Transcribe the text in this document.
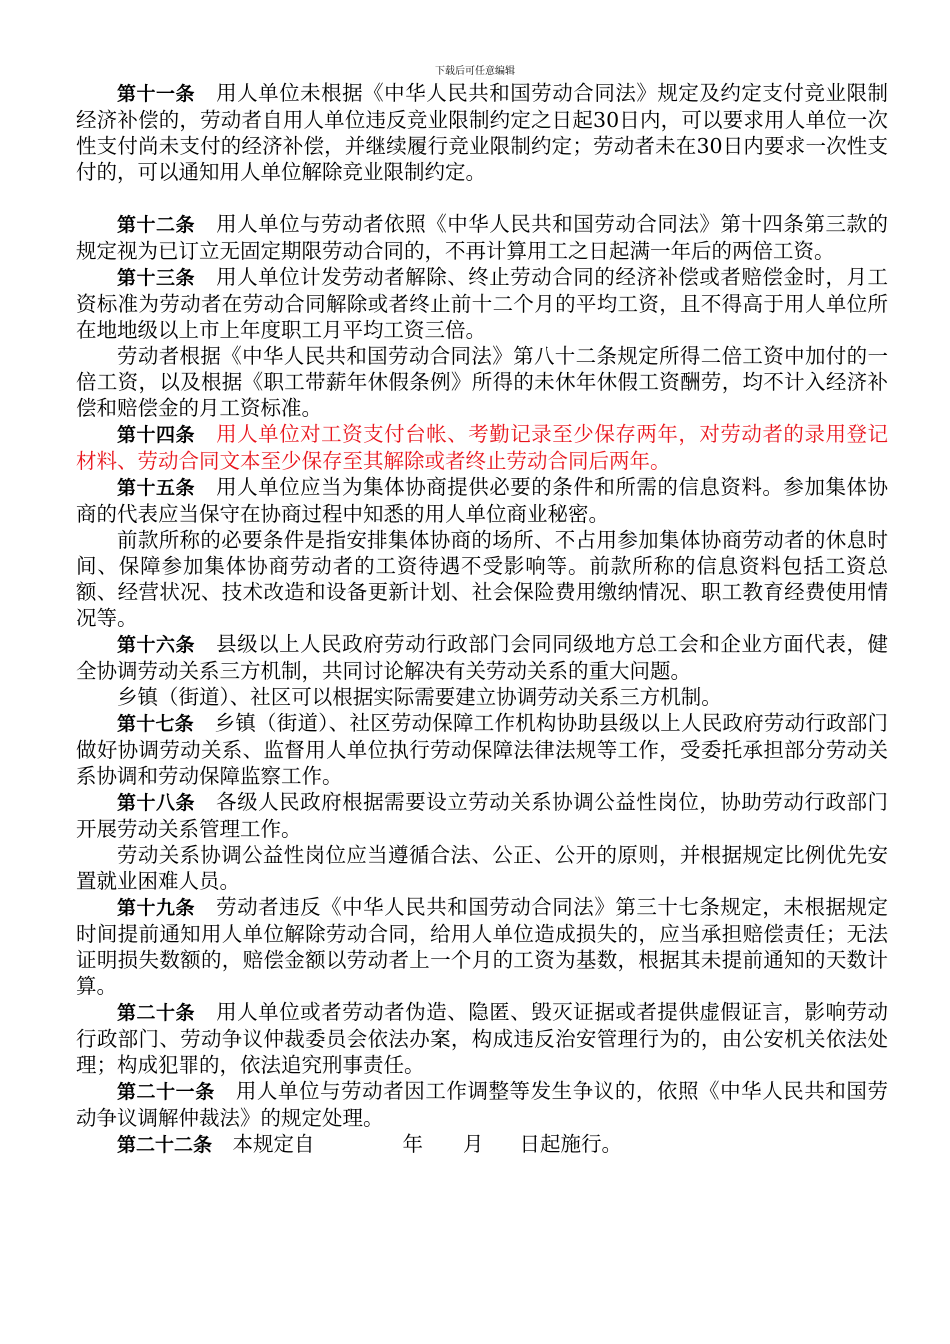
下载后可任意编辑

第十一条 用人单位未根据《中华人民共和国劳动合同法》规定及约定支付竞业限制经济补偿的，劳动者自用人单位违反竞业限制约定之日起30日内，可以要求用人单位一次性支付尚未支付的经济补偿，并继续履行竞业限制约定；劳动者未在30日内要求一次性支付的，可以通知用人单位解除竞业限制约定。

第十二条 用人单位与劳动者依照《中华人民共和国劳动合同法》第十四条第三款的规定视为已订立无固定期限劳动合同的，不再计算用工之日起满一年后的两倍工资。

第十三条 用人单位计发劳动者解除、终止劳动合同的经济补偿或者赔偿金时，月工资标准为劳动者在劳动合同解除或者终止前十二个月的平均工资，且不得高于用人单位所在地地级以上市上年度职工月平均工资三倍。

劳动者根据《中华人民共和国劳动合同法》第八十二条规定所得二倍工资中加付的一倍工资，以及根据《职工带薪年休假条例》所得的未休年休假工资酬劳，均不计入经济补偿和赔偿金的月工资标准。

第十四条 用人单位对工资支付台帐、考勤记录至少保存两年，对劳动者的录用登记材料、劳动合同文本至少保存至其解除或者终止劳动合同后两年。

第十五条 用人单位应当为集体协商提供必要的条件和所需的信息资料。参加集体协商的代表应当保守在协商过程中知悉的用人单位商业秘密。

前款所称的必要条件是指安排集体协商的场所、不占用参加集体协商劳动者的休息时间、保障参加集体协商劳动者的工资待遇不受影响等。前款所称的信息资料包括工资总额、经营状况、技术改造和设备更新计划、社会保险费用缴纳情况、职工教育经费使用情况等。

第十六条 县级以上人民政府劳动行政部门会同同级地方总工会和企业方面代表，健全协调劳动关系三方机制，共同讨论解决有关劳动关系的重大问题。

乡镇（街道）、社区可以根据实际需要建立协调劳动关系三方机制。

第十七条 乡镇（街道）、社区劳动保障工作机构协助县级以上人民政府劳动行政部门做好协调劳动关系、监督用人单位执行劳动保障法律法规等工作，受委托承担部分劳动关系协调和劳动保障监察工作。

第十八条 各级人民政府根据需要设立劳动关系协调公益性岗位，协助劳动行政部门开展劳动关系管理工作。

劳动关系协调公益性岗位应当遵循合法、公正、公开的原则，并根据规定比例优先安置就业困难人员。

第十九条 劳动者违反《中华人民共和国劳动合同法》第三十七条规定，未根据规定时间提前通知用人单位解除劳动合同，给用人单位造成损失的，应当承担赔偿责任；无法证明损失数额的，赔偿金额以劳动者上一个月的工资为基数，根据其未提前通知的天数计算。

第二十条 用人单位或者劳动者伪造、隐匿、毁灭证据或者提供虚假证言，影响劳动行政部门、劳动争议仲裁委员会依法办案，构成违反治安管理行为的，由公安机关依法处理；构成犯罪的，依法追究刑事责任。

第二十一条 用人单位与劳动者因工作调整等发生争议的，依照《中华人民共和国劳动争议调解仲裁法》的规定处理。

第二十二条 本规定自	年 月 日起施行。
